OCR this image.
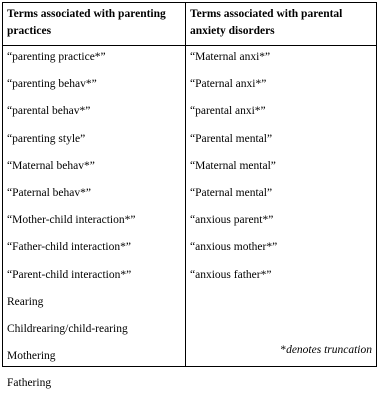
Terms associated with parenting practices
Terms associated with parental anxiety disorders
“parenting practice*”
“parenting behav*”
“parental behav*”
“parenting style”
“Maternal behav*”
“Paternal behav*”
“Mother-child interaction*”
“Father-child interaction*”
“Parent-child interaction*”
Rearing
Childrearing/child-rearing
Mothering
Fathering
“Maternal anxi*”
“Paternal anxi*”
“parental anxi*”
“Parental mental”
“Maternal mental”
“Paternal mental”
“anxious parent*”
“anxious mother*”
“anxious father*”
*denotes truncation
